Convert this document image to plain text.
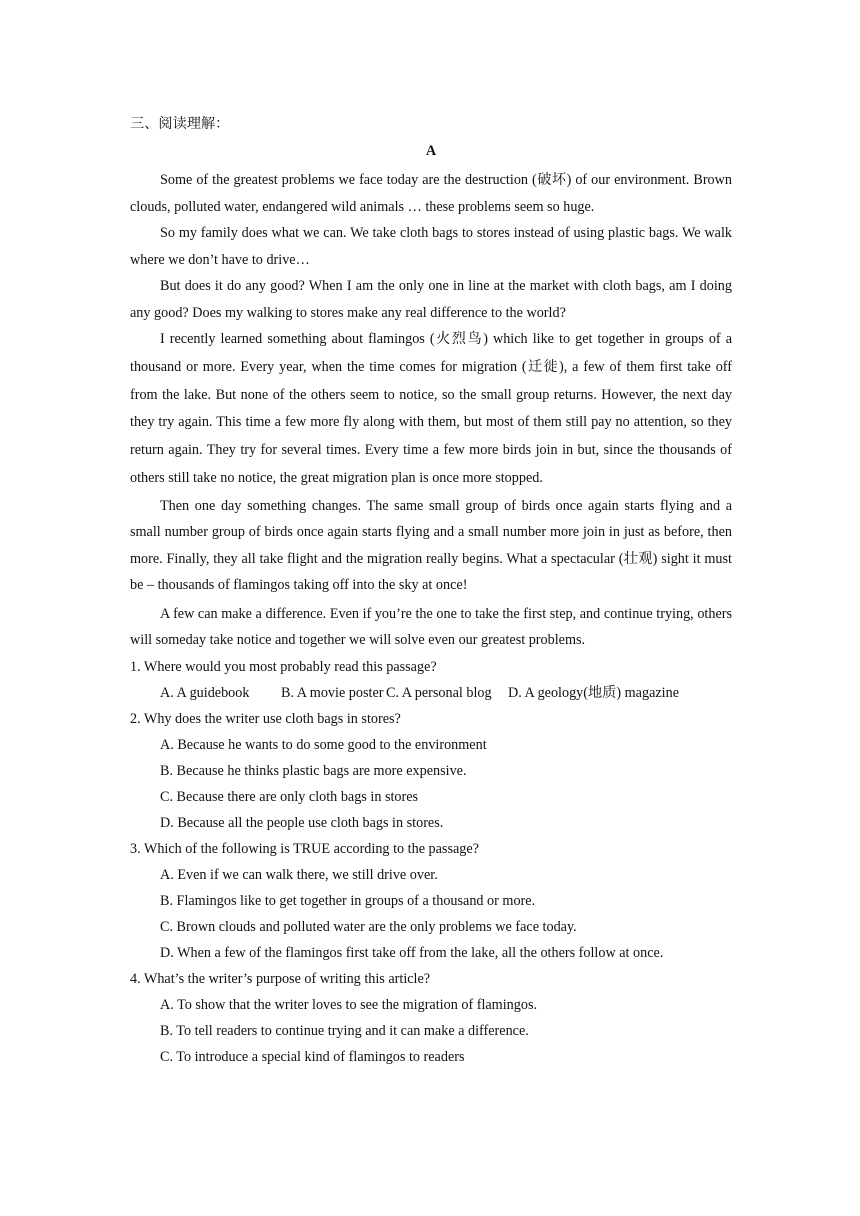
三、阅读理解：
A

Some of the greatest problems we face today are the destruction (破坏) of our environment. Brown clouds, polluted water, endangered wild animals … these problems seem so huge.

So my family does what we can. We take cloth bags to stores instead of using plastic bags. We walk where we don’t have to drive…

But does it do any good? When I am the only one in line at the market with cloth bags, am I doing any good? Does my walking to stores make any real difference to the world?

I recently learned something about flamingos (火烈鸟) which like to get together in groups of a thousand or more. Every year, when the time comes for migration (迁徙), a few of them first take off from the lake. But none of the others seem to notice, so the small group returns. However, the next day they try again. This time a few more fly along with them, but most of them still pay no attention, so they return again. They try for several times. Every time a few more birds join in but, since the thousands of others still take no notice, the great migration plan is once more stopped.

Then one day something changes. The same small group of birds once again starts flying and a small number group of birds once again starts flying and a small number more join in just as before, then more. Finally, they all take flight and the migration really begins. What a spectacular (壮观) sight it must be – thousands of flamingos taking off into the sky at once!

A few can make a difference. Even if you’re the one to take the first step, and continue trying, others will someday take notice and together we will solve even our greatest problems.

1. Where would you most probably read this passage?
A. A guidebook	B. A movie poster C. A personal blog	D. A geology(地质) magazine
2. Why does the writer use cloth bags in stores?
A. Because he wants to do some good to the environment
B. Because he thinks plastic bags are more expensive.
C. Because there are only cloth bags in stores
D. Because all the people use cloth bags in stores.
3. Which of the following is TRUE according to the passage?
A. Even if we can walk there, we still drive over.
B. Flamingos like to get together in groups of a thousand or more.
C. Brown clouds and polluted water are the only problems we face today.
D. When a few of the flamingos first take off from the lake, all the others follow at once.
4. What’s the writer’s purpose of writing this article?
A. To show that the writer loves to see the migration of flamingos.
B. To tell readers to continue trying and it can make a difference.
C. To introduce a special kind of flamingos to readers
